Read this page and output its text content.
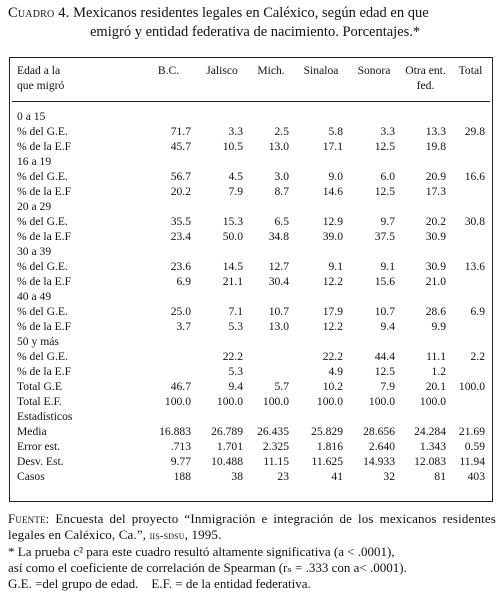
Cuadro 4. Mexicanos residentes legales en Caléxico, según edad en que
emigró y entidad federativa de nacimiento. Porcentajes.*
Edad a la
que migró	B.C.	Jalisco	Mich.	Sinaloa	Sonora	Otra ent. fed.	Total

0 a 15							
% del G.E.	71.7	3.3	2.5	5.8	3.3	13.3	29.8
% de la E.F	45.7	10.5	13.0	17.1	12.5	19.8	
16 a 19							
% del G.E.	56.7	4.5	3.0	9.0	6.0	20.9	16.6
% de la E.F	20.2	7.9	8.7	14.6	12.5	17.3	
20 a 29							
% del G.E.	35.5	15.3	6.5	12.9	9.7	20.2	30.8
% de la E.F	23.4	50.0	34.8	39.0	37.5	30.9	
30 a 39							
% del G.E.	23.6	14.5	12.7	9.1	9.1	30.9	13.6
% de la E.F	6.9	21.1	30.4	12.2	15.6	21.0	
40 a 49							
% del G.E.	25.0	7.1	10.7	17.9	10.7	28.6	6.9
% de la E.F	3.7	5.3	13.0	12.2	9.4	9.9	
50 y más							
% del G.E.		22.2		22.2	44.4	11.1	2.2
% de la E.F		5.3		4.9	12.5	1.2	
Total G.E	46.7	9.4	5.7	10.2	7.9	20.1	100.0
Total E.F.	100.0	100.0	100.0	100.0	100.0	100.0	
Estadísticos							
Media	16.883	26.789	26.435	25.829	28.656	24.284	21.69
Error est.	.713	1.701	2.325	1.816	2.640	1.343	0.59
Desv. Est.	9.77	10.488	11.15	11.625	14.933	12.083	11.94
Casos	188	38	23	41	32	81	403
Fuente: Encuesta del proyecto “Inmigración e integración de los mexicanos residentes legales en Caléxico, Ca.”, iis-sdsu, 1995.
* La prueba c² para este cuadro resultó altamente significativa (a < .0001),
así como el coeficiente de correlación de Spearman (rₛ = .333 con a< .0001).
G.E. =del grupo de edad.    E.F. = de la entidad federativa.
